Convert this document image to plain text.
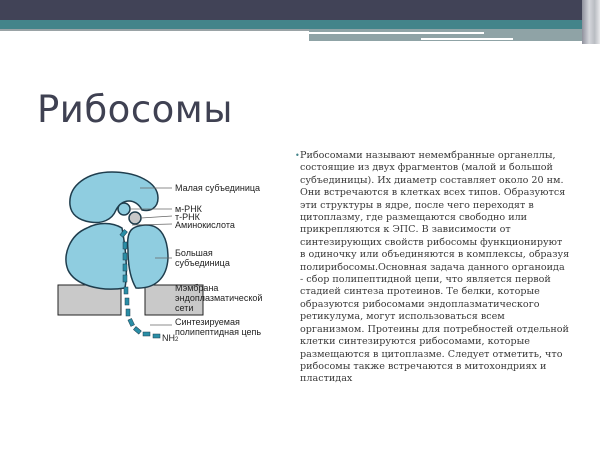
Рибосомы
• Рибосомами называют немембранные органеллы, состоящие из двух фрагментов (малой и большой субъединицы). Их диаметр составляет около 20 нм. Они встречаются в клетках всех типов. Образуются эти структуры в ядре, после чего переходят в цитоплазму, где размещаются свободно или прикрепляются к ЭПС. В зависимости от синтезирующих свойств рибосомы функционируют в одиночку или объединяются в комплексы, образуя полирибосомы.Основная задача данного органоида - сбор полипептидной цепи, что является первой стадией синтеза протеинов. Те белки, которые образуются рибосомами эндоплазматического ретикулума, могут использоваться всем организмом. Протеины для потребностей отдельной клетки синтезируются рибосомами, которые размещаются в цитоплазме. Следует отметить, что рибосомы также встречаются в митохондриях и пластидах

Малая субъединица
м-РНК
т-РНК
Аминокислота
Большая
субъединица
Мэмбрана
эндоплазматической
сети
Синтезируемая
полипептидная цепь
NH2
